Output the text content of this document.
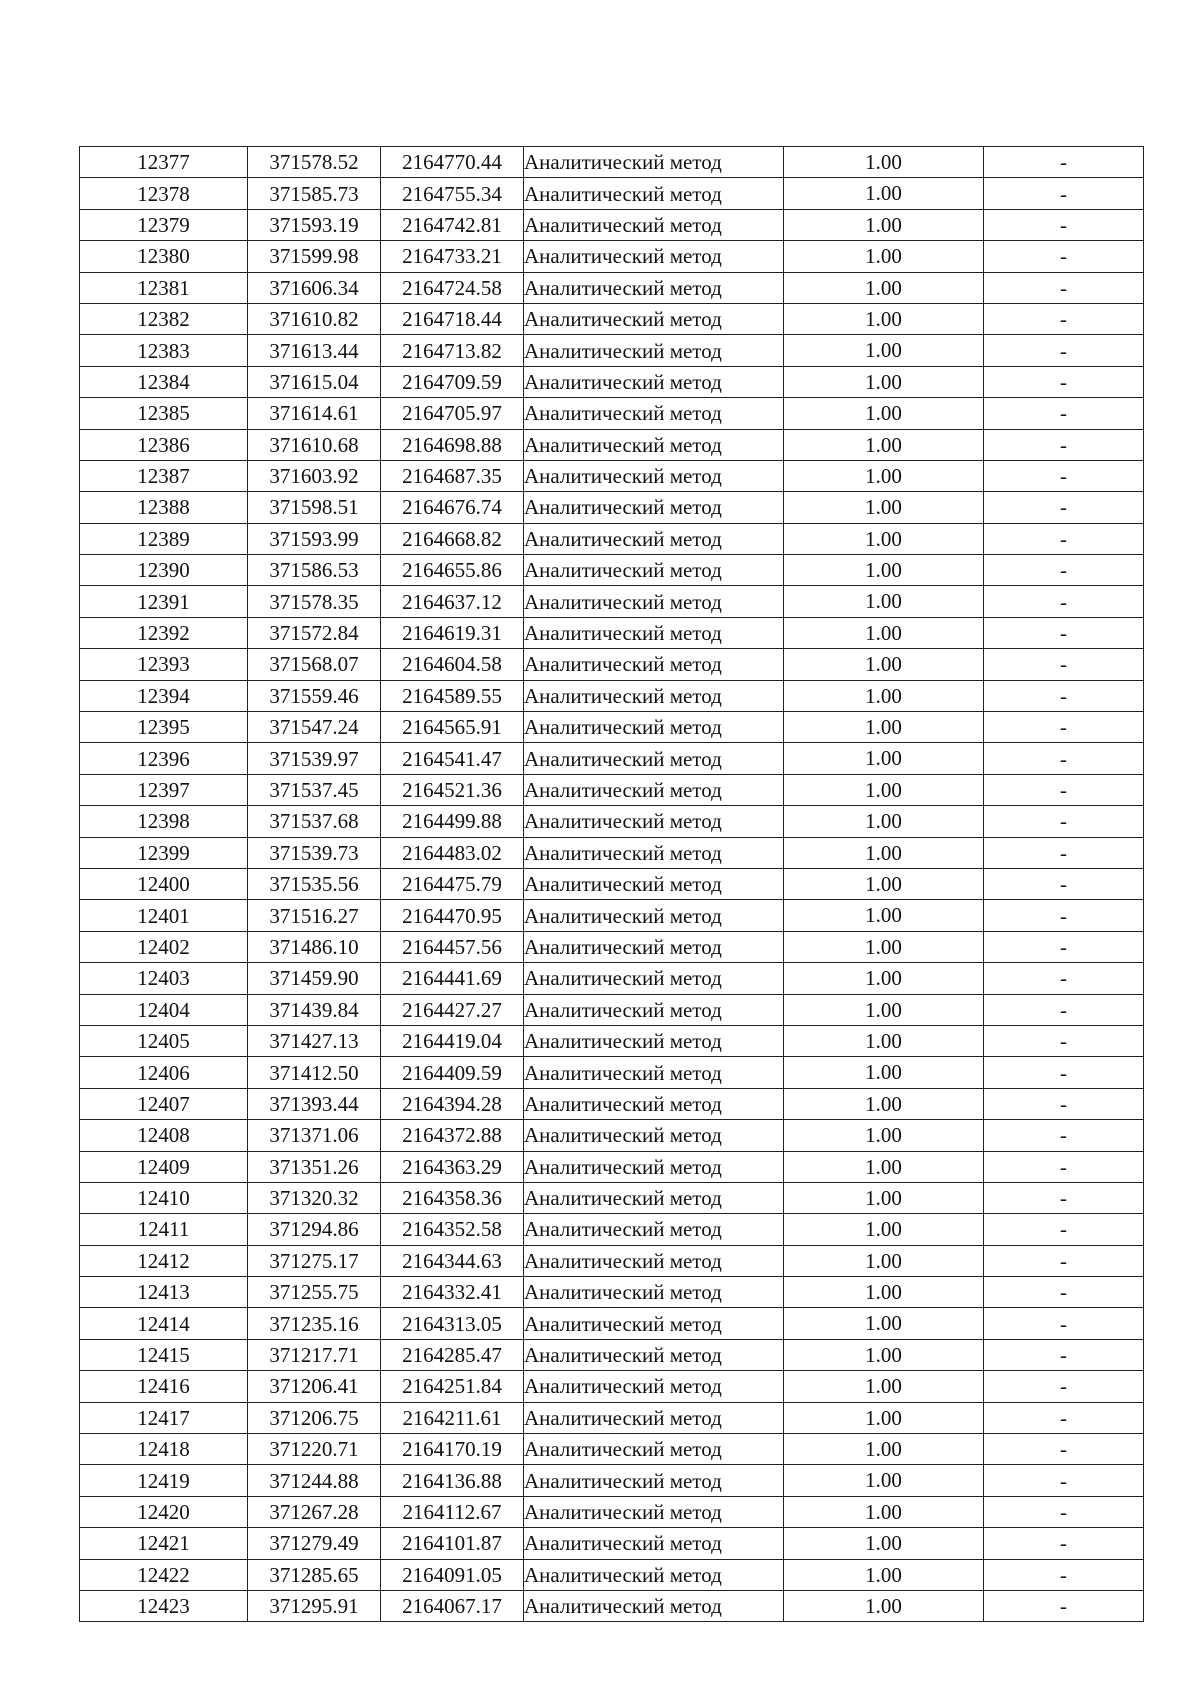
12377	371578.52	2164770.44	Аналитический метод	1.00	-
12378	371585.73	2164755.34	Аналитический метод	1.00	-
12379	371593.19	2164742.81	Аналитический метод	1.00	-
12380	371599.98	2164733.21	Аналитический метод	1.00	-
12381	371606.34	2164724.58	Аналитический метод	1.00	-
12382	371610.82	2164718.44	Аналитический метод	1.00	-
12383	371613.44	2164713.82	Аналитический метод	1.00	-
12384	371615.04	2164709.59	Аналитический метод	1.00	-
12385	371614.61	2164705.97	Аналитический метод	1.00	-
12386	371610.68	2164698.88	Аналитический метод	1.00	-
12387	371603.92	2164687.35	Аналитический метод	1.00	-
12388	371598.51	2164676.74	Аналитический метод	1.00	-
12389	371593.99	2164668.82	Аналитический метод	1.00	-
12390	371586.53	2164655.86	Аналитический метод	1.00	-
12391	371578.35	2164637.12	Аналитический метод	1.00	-
12392	371572.84	2164619.31	Аналитический метод	1.00	-
12393	371568.07	2164604.58	Аналитический метод	1.00	-
12394	371559.46	2164589.55	Аналитический метод	1.00	-
12395	371547.24	2164565.91	Аналитический метод	1.00	-
12396	371539.97	2164541.47	Аналитический метод	1.00	-
12397	371537.45	2164521.36	Аналитический метод	1.00	-
12398	371537.68	2164499.88	Аналитический метод	1.00	-
12399	371539.73	2164483.02	Аналитический метод	1.00	-
12400	371535.56	2164475.79	Аналитический метод	1.00	-
12401	371516.27	2164470.95	Аналитический метод	1.00	-
12402	371486.10	2164457.56	Аналитический метод	1.00	-
12403	371459.90	2164441.69	Аналитический метод	1.00	-
12404	371439.84	2164427.27	Аналитический метод	1.00	-
12405	371427.13	2164419.04	Аналитический метод	1.00	-
12406	371412.50	2164409.59	Аналитический метод	1.00	-
12407	371393.44	2164394.28	Аналитический метод	1.00	-
12408	371371.06	2164372.88	Аналитический метод	1.00	-
12409	371351.26	2164363.29	Аналитический метод	1.00	-
12410	371320.32	2164358.36	Аналитический метод	1.00	-
12411	371294.86	2164352.58	Аналитический метод	1.00	-
12412	371275.17	2164344.63	Аналитический метод	1.00	-
12413	371255.75	2164332.41	Аналитический метод	1.00	-
12414	371235.16	2164313.05	Аналитический метод	1.00	-
12415	371217.71	2164285.47	Аналитический метод	1.00	-
12416	371206.41	2164251.84	Аналитический метод	1.00	-
12417	371206.75	2164211.61	Аналитический метод	1.00	-
12418	371220.71	2164170.19	Аналитический метод	1.00	-
12419	371244.88	2164136.88	Аналитический метод	1.00	-
12420	371267.28	2164112.67	Аналитический метод	1.00	-
12421	371279.49	2164101.87	Аналитический метод	1.00	-
12422	371285.65	2164091.05	Аналитический метод	1.00	-
12423	371295.91	2164067.17	Аналитический метод	1.00	-
